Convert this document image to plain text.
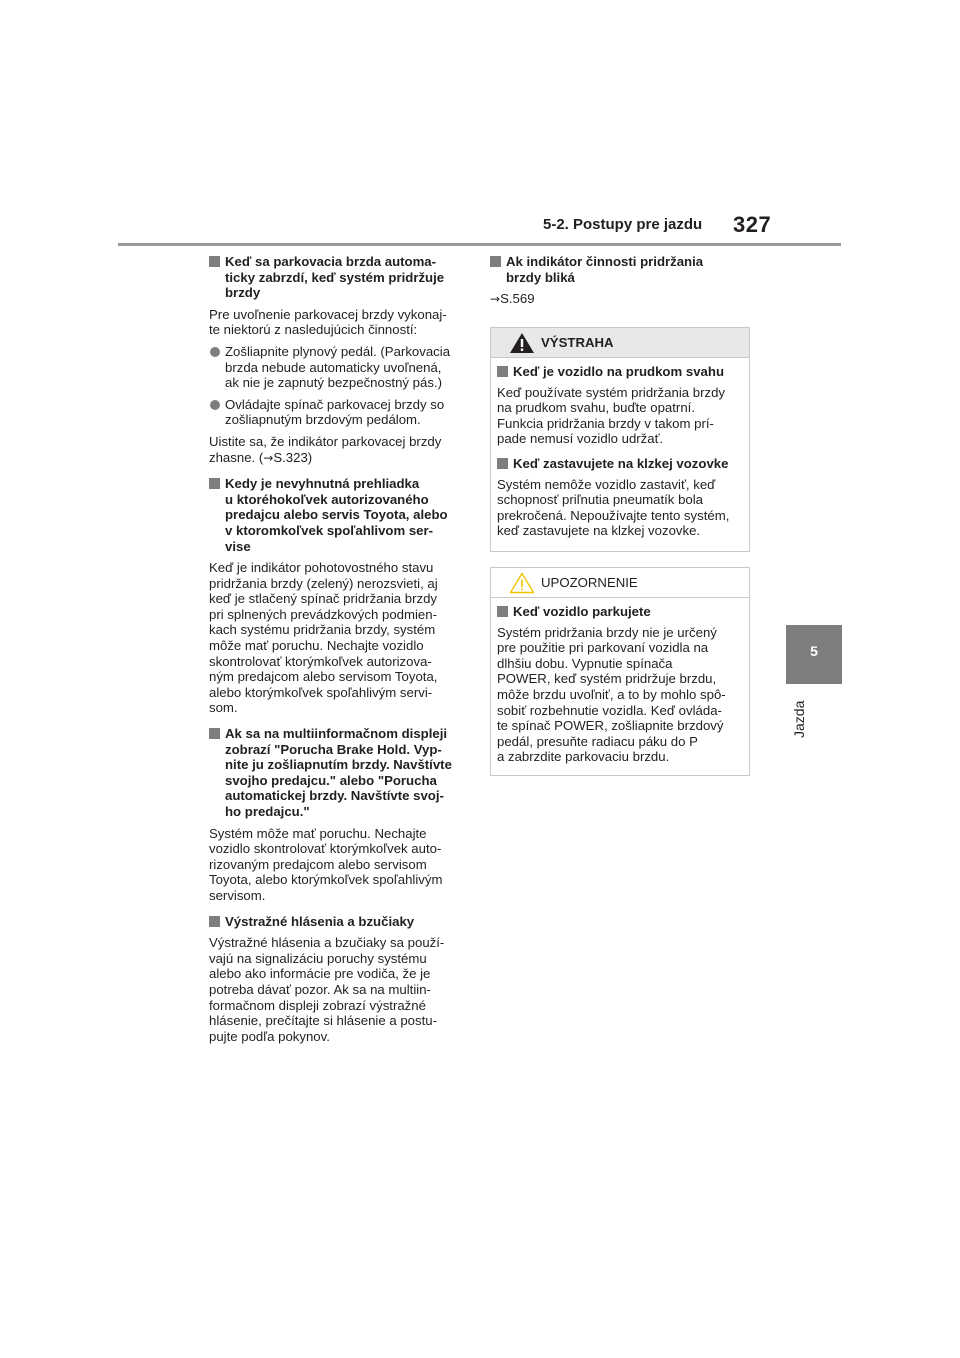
5-2. Postupy pre jazdu 327
5
Jazda
Keď sa parkovacia brzda automa-
ticky zabrzdí, keď systém pridržuje
brzdy
Pre uvoľnenie parkovacej brzdy vykonaj-
te niektorú z nasledujúcich činností:
Zošliapnite plynový pedál. (Parkovacia
brzda nebude automaticky uvoľnená,
ak nie je zapnutý bezpečnostný pás.)
Ovládajte spínač parkovacej brzdy so
zošliapnutým brzdovým pedálom.
Uistite sa, že indikátor parkovacej brzdy
zhasne. (→S.323)
Kedy je nevyhnutná prehliadka
u ktoréhokoľvek autorizovaného
predajcu alebo servis Toyota, alebo
v ktoromkoľvek spoľahlivom ser-
vise
Keď je indikátor pohotovostného stavu
pridržania brzdy (zelený) nerozsvieti, aj
keď je stlačený spínač pridržania brzdy
pri splnených prevádzkových podmien-
kach systému pridržania brzdy, systém
môže mať poruchu. Nechajte vozidlo
skontrolovať ktorýmkoľvek autorizova-
ným predajcom alebo servisom Toyota,
alebo ktorýmkoľvek spoľahlivým servi-
som.
Ak sa na multiinformačnom displeji
zobrazí "Porucha Brake Hold. Vyp-
nite ju zošliapnutím brzdy. Navštívte
svojho predajcu." alebo "Porucha
automatickej brzdy. Navštívte svoj-
ho predajcu."
Systém môže mať poruchu. Nechajte
vozidlo skontrolovať ktorýmkoľvek auto-
rizovaným predajcom alebo servisom
Toyota, alebo ktorýmkoľvek spoľahlivým
servisom.
Výstražné hlásenia a bzučiaky
Výstražné hlásenia a bzučiaky sa použí-
vajú na signalizáciu poruchy systému
alebo ako informácie pre vodiča, že je
potreba dávať pozor. Ak sa na multiin-
formačnom displeji zobrazí výstražné
hlásenie, prečítajte si hlásenie a postu-
pujte podľa pokynov.
Ak indikátor činnosti pridržania
brzdy bliká
→S.569
VÝSTRAHA
Keď je vozidlo na prudkom svahu
Keď používate systém pridržania brzdy
na prudkom svahu, buďte opatrní.
Funkcia pridržania brzdy v takom prí-
pade nemusí vozidlo udržať.
Keď zastavujete na klzkej vozovke
Systém nemôže vozidlo zastaviť, keď
schopnosť priľnutia pneumatík bola
prekročená. Nepoužívajte tento systém,
keď zastavujete na klzkej vozovke.
UPOZORNENIE
Keď vozidlo parkujete
Systém pridržania brzdy nie je určený
pre použitie pri parkovaní vozidla na
dlhšiu dobu. Vypnutie spínača
POWER, keď systém pridržuje brzdu,
môže brzdu uvoľniť, a to by mohlo spô-
sobiť rozbehnutie vozidla. Keď ovláda-
te spínač POWER, zošliapnite brzdový
pedál, presuňte radiacu páku do P
a zabrzdite parkovaciu brzdu.
